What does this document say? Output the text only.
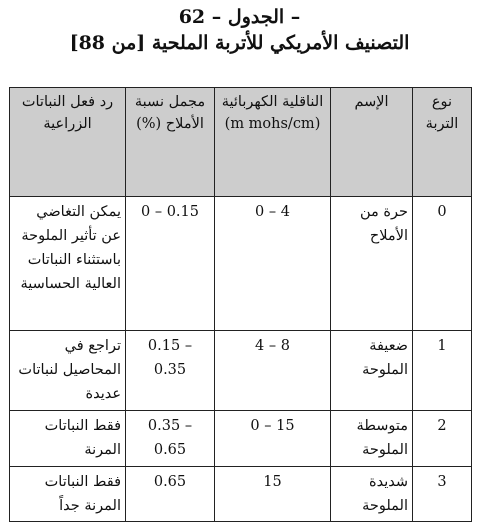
الجدول – 62 –
التصنيف الأمريكي للأتربة الملحية [من 88]
نوع التربة	الإسم	الناقلية الكهربائية (m mohs/cm)	مجمل نسبة الأملاح (%)	رد فعل النباتات الزراعية
0	حرة من الأملاح	0 – 4	0 – 0.15	يمكن التغاضي عن تأثير الملوحة باستثناء النباتات العالية الحساسية
1	ضعيفة الملوحة	4 – 8	0.15 – 0.35	تراجع في المحاصيل لنباتات عديدة
2	متوسطة الملوحة	0 – 15	0.35 – 0.65	فقط النباتات المرنة
3	شديدة الملوحة	15	0.65	فقط النباتات المرنة جداً
